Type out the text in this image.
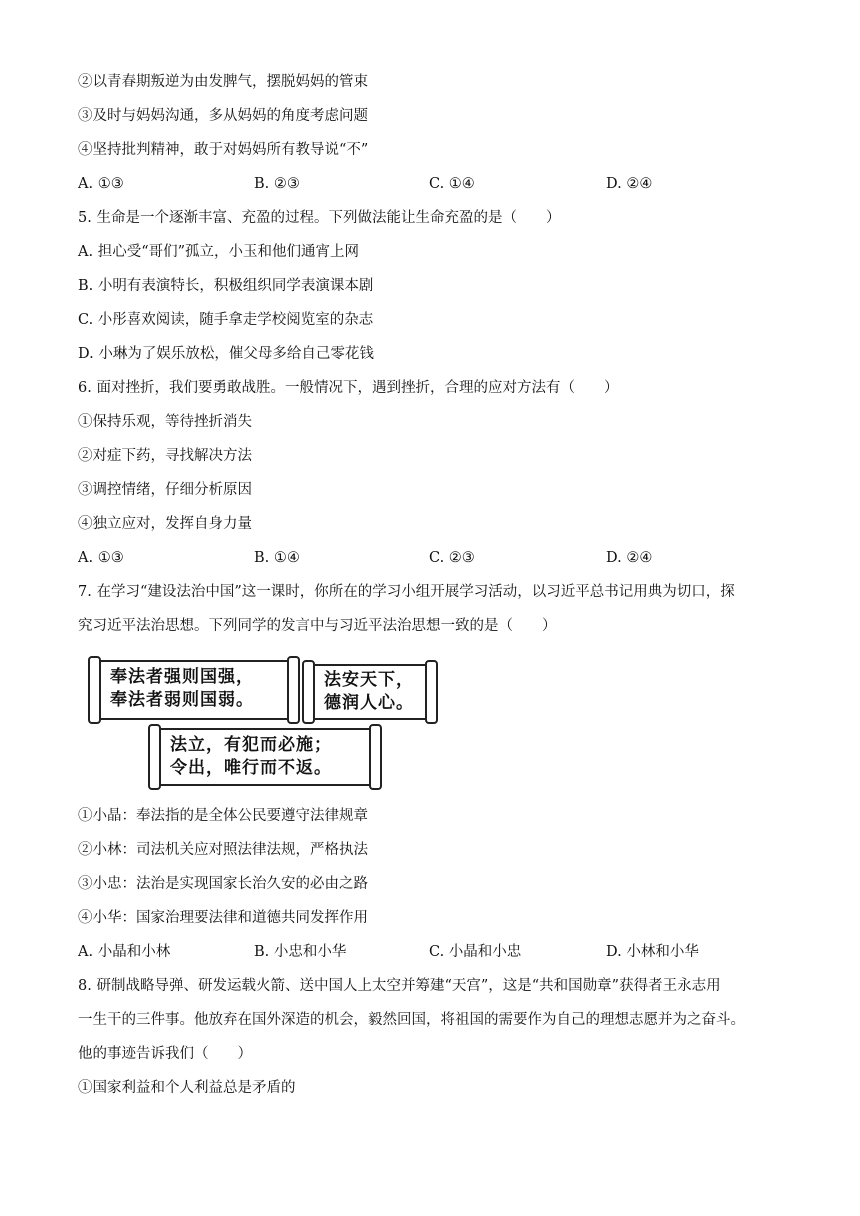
②以青春期叛逆为由发脾气，摆脱妈妈的管束
③及时与妈妈沟通，多从妈妈的角度考虑问题
④坚持批判精神，敢于对妈妈所有教导说“不”
A. ①③	B. ②③	C. ①④	D. ②④
5. 生命是一个逐渐丰富、充盈的过程。下列做法能让生命充盈的是（　　）
A. 担心受“哥们”孤立，小玉和他们通宵上网
B. 小明有表演特长，积极组织同学表演课本剧
C. 小彤喜欢阅读，随手拿走学校阅览室的杂志
D. 小琳为了娱乐放松，催父母多给自己零花钱
6. 面对挫折，我们要勇敢战胜。一般情况下，遇到挫折，合理的应对方法有（　　）
①保持乐观，等待挫折消失
②对症下药，寻找解决方法
③调控情绪，仔细分析原因
④独立应对，发挥自身力量
A. ①③	B. ①④	C. ②③	D. ②④
7. 在学习“建设法治中国”这一课时，你所在的学习小组开展学习活动，以习近平总书记用典为切口，探
究习近平法治思想。下列同学的发言中与习近平法治思想一致的是（　　）
奉法者强则国强，
奉法者弱则国弱。
法安天下，
德润人心。
法立，有犯而必施；
令出，唯行而不返。
①小晶：奉法指的是全体公民要遵守法律规章
②小林：司法机关应对照法律法规，严格执法
③小忠：法治是实现国家长治久安的必由之路
④小华：国家治理要法律和道德共同发挥作用
A. 小晶和小林	B. 小忠和小华	C. 小晶和小忠	D. 小林和小华
8. 研制战略导弹、研发运载火箭、送中国人上太空并筹建“天宫”，这是“共和国勋章”获得者王永志用
一生干的三件事。他放弃在国外深造的机会，毅然回国，将祖国的需要作为自己的理想志愿并为之奋斗。
他的事迹告诉我们（　　）
①国家利益和个人利益总是矛盾的
